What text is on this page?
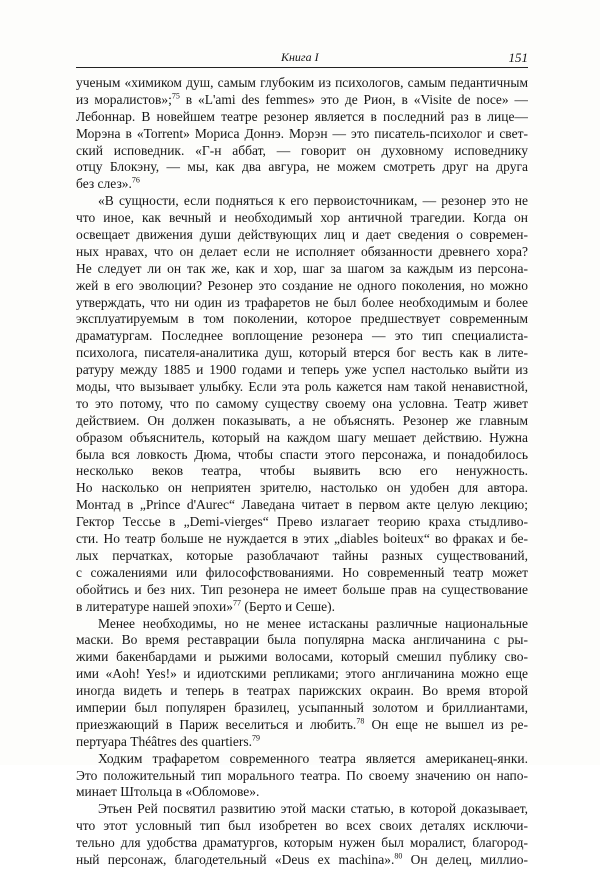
Книга I	151
ученым «химиком душ, самым глубоким из психологов, самым педантичным
из моралистов»;$^{75}$ в «L'ami des femmes» это де Рион, в «Visite de noce» —
Лебоннар. В новейшем театре резонер является в последний раз в лице—
Морэна в «Torrent» Мориса Доннэ. Морэн — это писатель-психолог и свет-
ский исповедник. «Г-н аббат, — говорит он духовному исповеднику
отцу Блокэну, — мы, как два авгура, не можем смотреть друг на друга
без слез».$^{76}$
«В сущности, если подняться к его первоисточникам, — резонер это не
что иное, как вечный и необходимый хор античной трагедии. Когда он
освещает движения души действующих лиц и дает сведения о современ-
ных нравах, что он делает если не исполняет обязанности древнего хора?
Не следует ли он так же, как и хор, шаг за шагом за каждым из персона-
жей в его эволюции? Резонер это создание не одного поколения, но можно
утверждать, что ни один из трафаретов не был более необходимым и более
эксплуатируемым в том поколении, которое предшествует современным
драматургам. Последнее воплощение резонера — это тип специалиста-
психолога, писателя-аналитика душ, который втерся бог весть как в лите-
ратуру между 1885 и 1900 годами и теперь уже успел настолько выйти из
моды, что вызывает улыбку. Если эта роль кажется нам такой ненавистной,
то это потому, что по самому существу своему она условна. Театр живет
действием. Он должен показывать, а не объяснять. Резонер же главным
образом объяснитель, который на каждом шагу мешает действию. Нужна
была вся ловкость Дюма, чтобы спасти этого персонажа, и понадобилось
несколько веков театра, чтобы выявить всю его ненужность.
Но насколько он неприятен зрителю, настолько он удобен для автора.
Монтад в „Prince d'Aurec“ Лаведана читает в первом акте целую лекцию;
Гектор Тессье в „Demi-vierges“ Прево излагает теорию краха стыдливо-
сти. Но театр больше не нуждается в этих „diables boiteux“ во фраках и бе-
лых перчатках, которые разоблачают тайны разных существований,
с сожалениями или философствованиями. Но современный театр может
обойтись и без них. Тип резонера не имеет больше прав на существование
в литературе нашей эпохи»$^{77}$ (Берто и Сеше).
Менее необходимы, но не менее истасканы различные национальные
маски. Во время реставрации была популярна маска англичанина с ры-
жими бакенбардами и рыжими волосами, который смешил публику сво-
ими «Aoh! Yes!» и идиотскими репликами; этого англичанина можно еще
иногда видеть и теперь в театрах парижских окраин. Во время второй
империи был популярен бразилец, усыпанный золотом и бриллиантами,
приезжающий в Париж веселиться и любить.$^{78}$ Он еще не вышел из ре-
пертуара Théâtres des quartiers.$^{79}$
Ходким трафаретом современного театра является американец-янки.
Это положительный тип морального театра. По своему значению он напо-
минает Штольца в «Обломове».
Этьен Рей посвятил развитию этой маски статью, в которой доказывает,
что этот условный тип был изобретен во всех своих деталях исключи-
тельно для удобства драматургов, которым нужен был моралист, благород-
ный персонаж, благодетельный «Deus ex machina».$^{80}$ Он делец, миллио-
